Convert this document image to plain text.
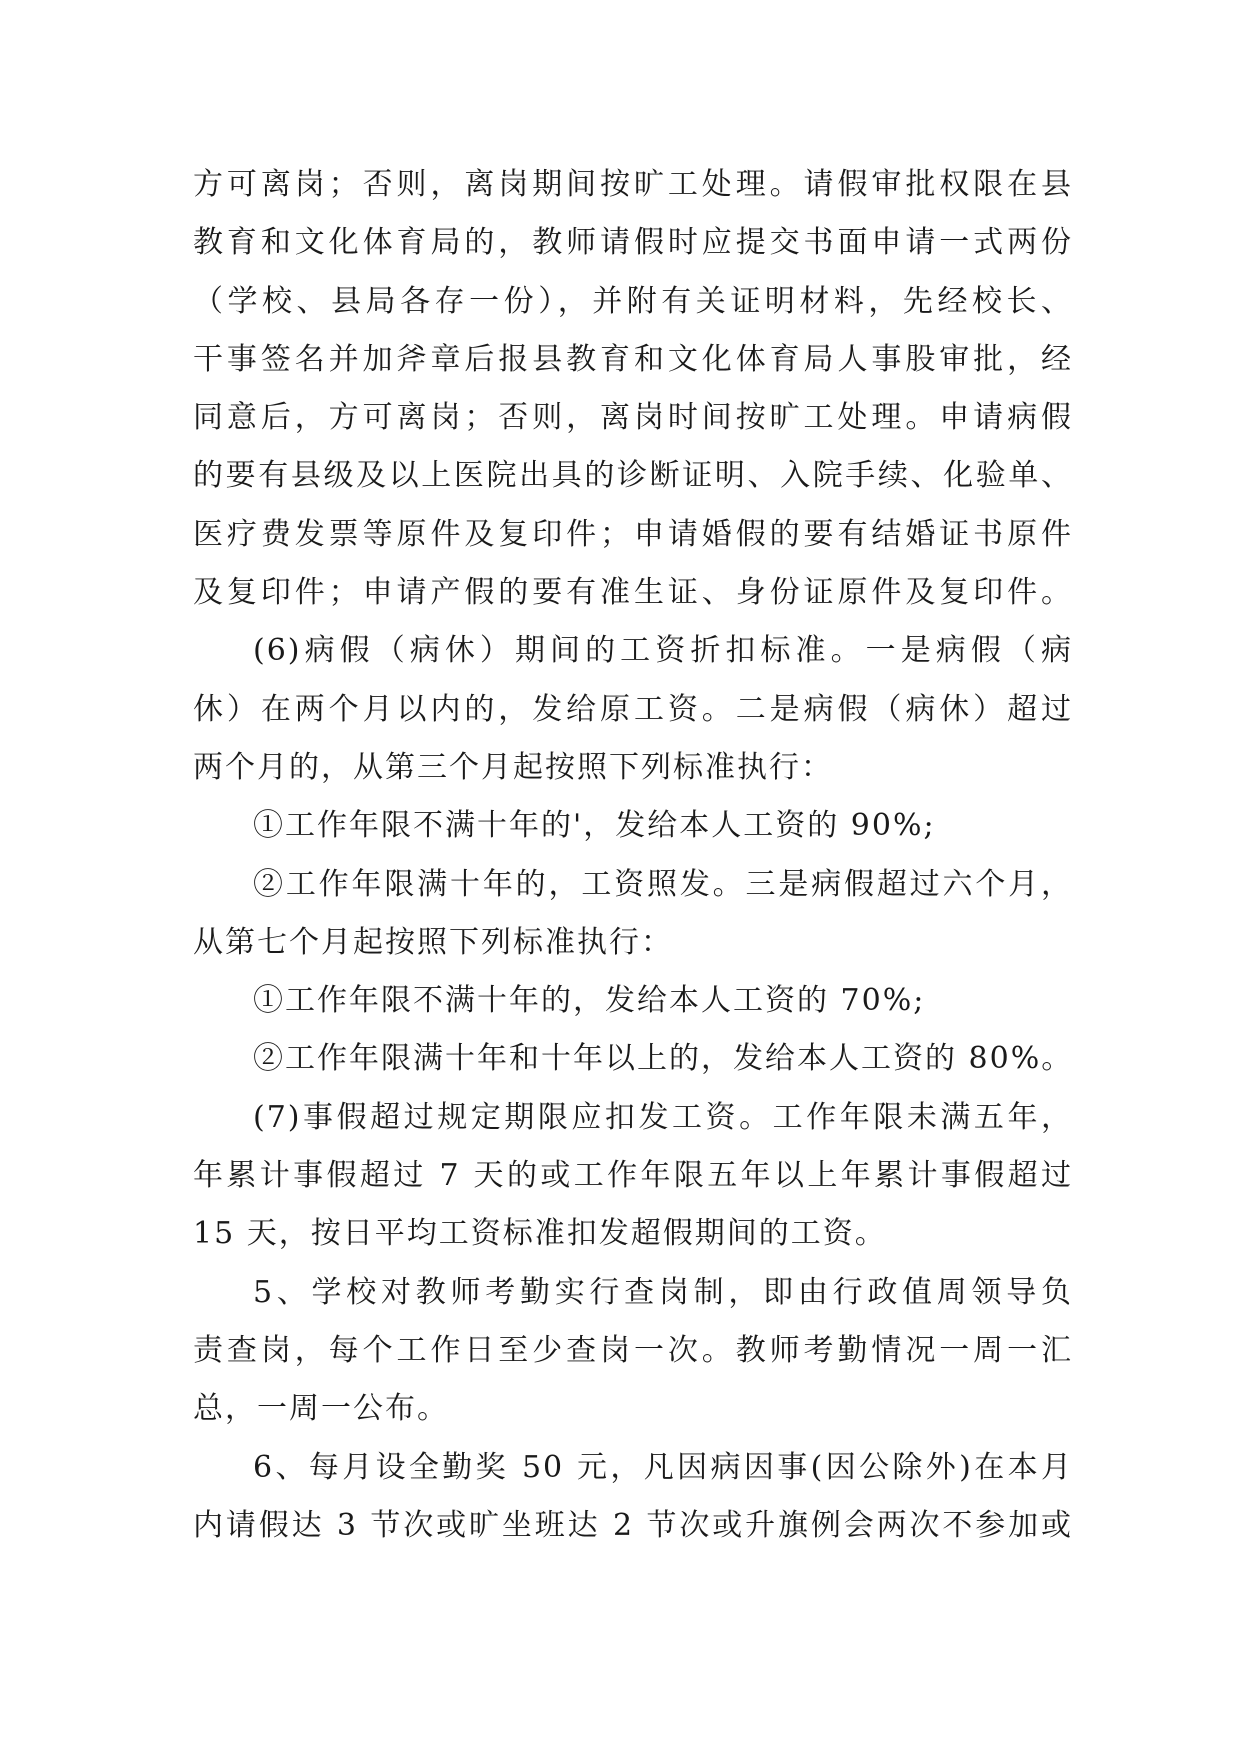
方可离岗；否则，离岗期间按旷工处理。请假审批权限在县
教育和文化体育局的，教师请假时应提交书面申请一式两份
（学校、县局各存一份），并附有关证明材料，先经校长、
干事签名并加斧章后报县教育和文化体育局人事股审批，经
同意后，方可离岗；否则，离岗时间按旷工处理。申请病假
的要有县级及以上医院出具的诊断证明、入院手续、化验单、
医疗费发票等原件及复印件；申请婚假的要有结婚证书原件
及复印件；申请产假的要有准生证、身份证原件及复印件。
(6)病假（病休）期间的工资折扣标准。一是病假（病
休）在两个月以内的，发给原工资。二是病假（病休）超过
两个月的，从第三个月起按照下列标准执行：
①工作年限不满十年的'，发给本人工资的 90%;
②工作年限满十年的，工资照发。三是病假超过六个月，
从第七个月起按照下列标准执行：
①工作年限不满十年的，发给本人工资的 70%;
②工作年限满十年和十年以上的，发给本人工资的 80%。
(7)事假超过规定期限应扣发工资。工作年限未满五年，
年累计事假超过 7 天的或工作年限五年以上年累计事假超过
15 天，按日平均工资标准扣发超假期间的工资。
5、学校对教师考勤实行查岗制，即由行政值周领导负
责查岗，每个工作日至少查岗一次。教师考勤情况一周一汇
总，一周一公布。
6、每月设全勤奖 50 元，凡因病因事(因公除外)在本月
内请假达 3 节次或旷坐班达 2 节次或升旗例会两次不参加或
